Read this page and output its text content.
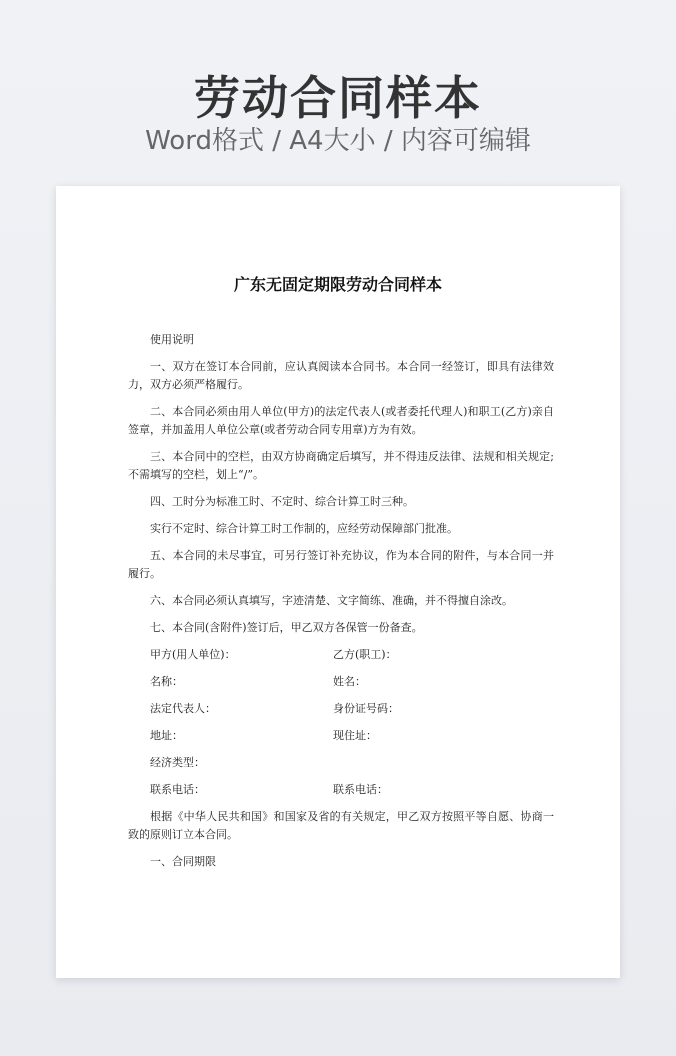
劳动合同样本
Word格式 / A4大小 / 内容可编辑
广东无固定期限劳动合同样本

使用说明

一、双方在签订本合同前，应认真阅读本合同书。本合同一经签订，即具有法律效力，双方必须严格履行。

二、本合同必须由用人单位(甲方)的法定代表人(或者委托代理人)和职工(乙方)亲自签章，并加盖用人单位公章(或者劳动合同专用章)方为有效。

三、本合同中的空栏，由双方协商确定后填写，并不得违反法律、法规和相关规定;不需填写的空栏，划上“/”。

四、工时分为标准工时、不定时、综合计算工时三种。

实行不定时、综合计算工时工作制的，应经劳动保障部门批准。

五、本合同的未尽事宜，可另行签订补充协议，作为本合同的附件，与本合同一并履行。

六、本合同必须认真填写，字迹清楚、文字简练、准确，并不得擅自涂改。

七、本合同(含附件)签订后，甲乙双方各保管一份备查。

甲方(用人单位)：	乙方(职工)：
名称：	姓名：
法定代表人：	身份证号码：
地址：	现住址：
经济类型：
联系电话：	联系电话：

根据《中华人民共和国》和国家及省的有关规定，甲乙双方按照平等自愿、协商一致的原则订立本合同。

一、合同期限
